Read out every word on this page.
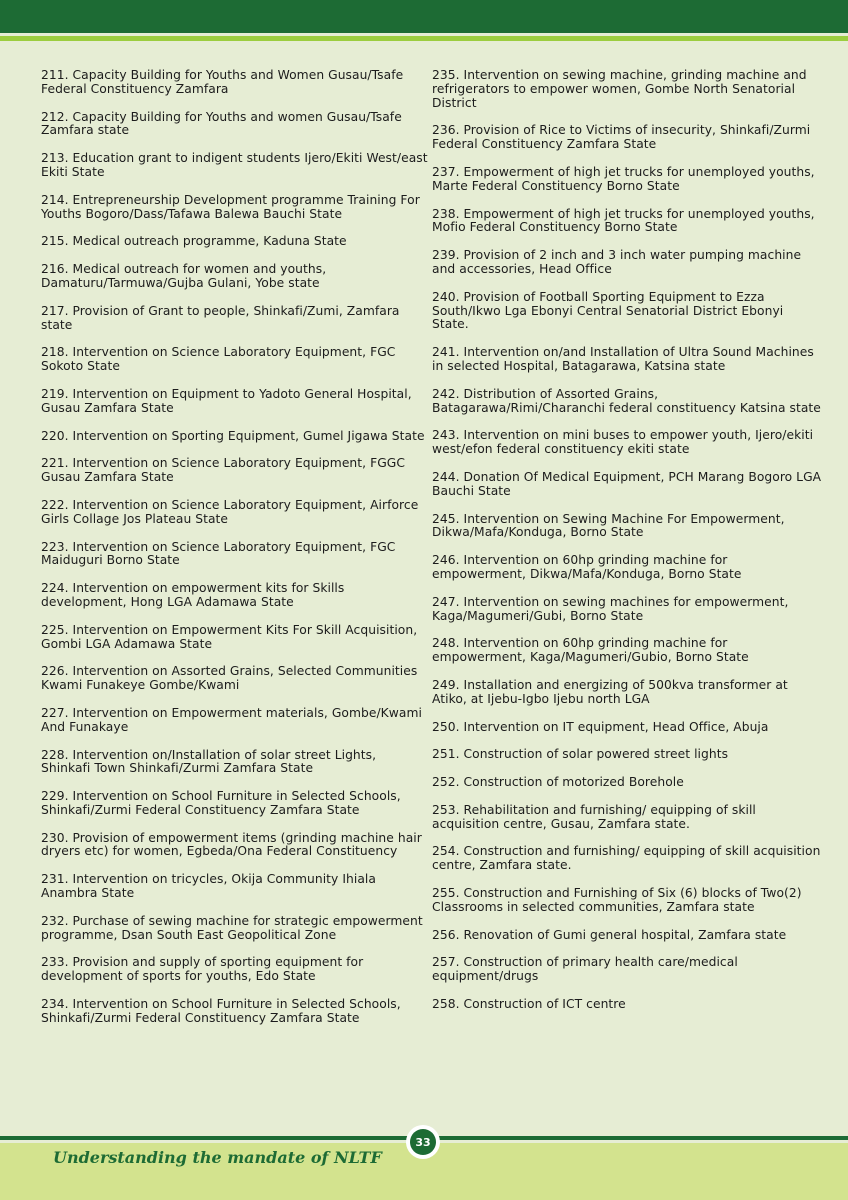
211. Capacity Building for Youths and Women Gusau/Tsafe Federal Constituency Zamfara

212. Capacity Building for Youths and women Gusau/Tsafe Zamfara state

213. Education grant to indigent students Ijero/Ekiti West/east Ekiti State

214. Entrepreneurship Development programme Training For Youths Bogoro/Dass/Tafawa Balewa Bauchi State

215. Medical outreach programme, Kaduna State

216. Medical outreach for women and youths, Damaturu/Tarmuwa/Gujba Gulani, Yobe state

217. Provision of Grant to people, Shinkafi/Zumi, Zamfara state

218. Intervention on Science Laboratory Equipment, FGC Sokoto State

219. Intervention on Equipment to Yadoto General Hospital, Gusau Zamfara State

220. Intervention on Sporting Equipment, Gumel Jigawa State

221. Intervention on Science Laboratory Equipment, FGGC Gusau Zamfara State

222. Intervention on Science Laboratory Equipment, Airforce Girls Collage Jos Plateau State

223. Intervention on Science Laboratory Equipment, FGC Maiduguri Borno State

224. Intervention on empowerment kits for Skills development, Hong LGA Adamawa State

225. Intervention on Empowerment Kits For Skill Acquisition, Gombi LGA Adamawa State

226. Intervention on Assorted Grains, Selected Communities Kwami Funakeye Gombe/Kwami

227. Intervention on Empowerment materials, Gombe/Kwami And Funakaye

228. Intervention on/Installation of solar street Lights, Shinkafi Town Shinkafi/Zurmi Zamfara State

229. Intervention on School Furniture in Selected Schools, Shinkafi/Zurmi Federal Constituency Zamfara State

230. Provision of empowerment items (grinding machine hair dryers etc) for women, Egbeda/Ona Federal Constituency

231. Intervention on tricycles, Okija Community Ihiala Anambra State

232. Purchase of sewing machine for strategic empowerment programme, Dsan South East Geopolitical Zone

233. Provision and supply of sporting equipment for development of sports for youths, Edo State

234. Intervention on School Furniture in Selected Schools, Shinkafi/Zurmi Federal Constituency Zamfara State

235. Intervention on sewing machine, grinding machine and refrigerators to empower women, Gombe North Senatorial District

236. Provision of Rice to Victims of insecurity, Shinkafi/Zurmi Federal Constituency Zamfara State

237. Empowerment of high jet trucks for unemployed youths, Marte Federal Constituency Borno State

238. Empowerment of high jet trucks for unemployed youths, Mofio Federal Constituency Borno State

239. Provision of 2 inch and 3 inch water pumping machine and accessories, Head Office

240. Provision of Football Sporting Equipment to Ezza South/Ikwo Lga Ebonyi Central Senatorial District Ebonyi State.

241. Intervention on/and Installation of Ultra Sound Machines in selected Hospital, Batagarawa, Katsina state

242. Distribution of Assorted Grains, Batagarawa/Rimi/Charanchi federal constituency Katsina state

243. Intervention on mini buses to empower youth, Ijero/ekiti west/efon federal constituency ekiti state

244. Donation Of Medical Equipment, PCH Marang Bogoro LGA Bauchi State

245. Intervention on Sewing Machine For Empowerment, Dikwa/Mafa/Konduga, Borno State

246. Intervention on 60hp grinding machine for empowerment, Dikwa/Mafa/Konduga, Borno State

247. Intervention on sewing machines for empowerment, Kaga/Magumeri/Gubi, Borno State

248. Intervention on 60hp grinding machine for empowerment, Kaga/Magumeri/Gubio, Borno State

249. Installation and energizing of 500kva transformer at Atiko, at Ijebu-Igbo Ijebu north LGA

250. Intervention on IT equipment, Head Office, Abuja

251. Construction of solar powered street lights

252. Construction of motorized Borehole

253. Rehabilitation and furnishing/ equipping of skill acquisition centre, Gusau, Zamfara state.

254. Construction and furnishing/ equipping of skill acquisition centre, Zamfara state.

255. Construction and Furnishing of Six (6) blocks of Two(2) Classrooms in selected communities, Zamfara state

256. Renovation of Gumi general hospital, Zamfara state

257. Construction of primary health care/medical equipment/drugs

258. Construction of ICT centre

Understanding the mandate of NLTF
33
